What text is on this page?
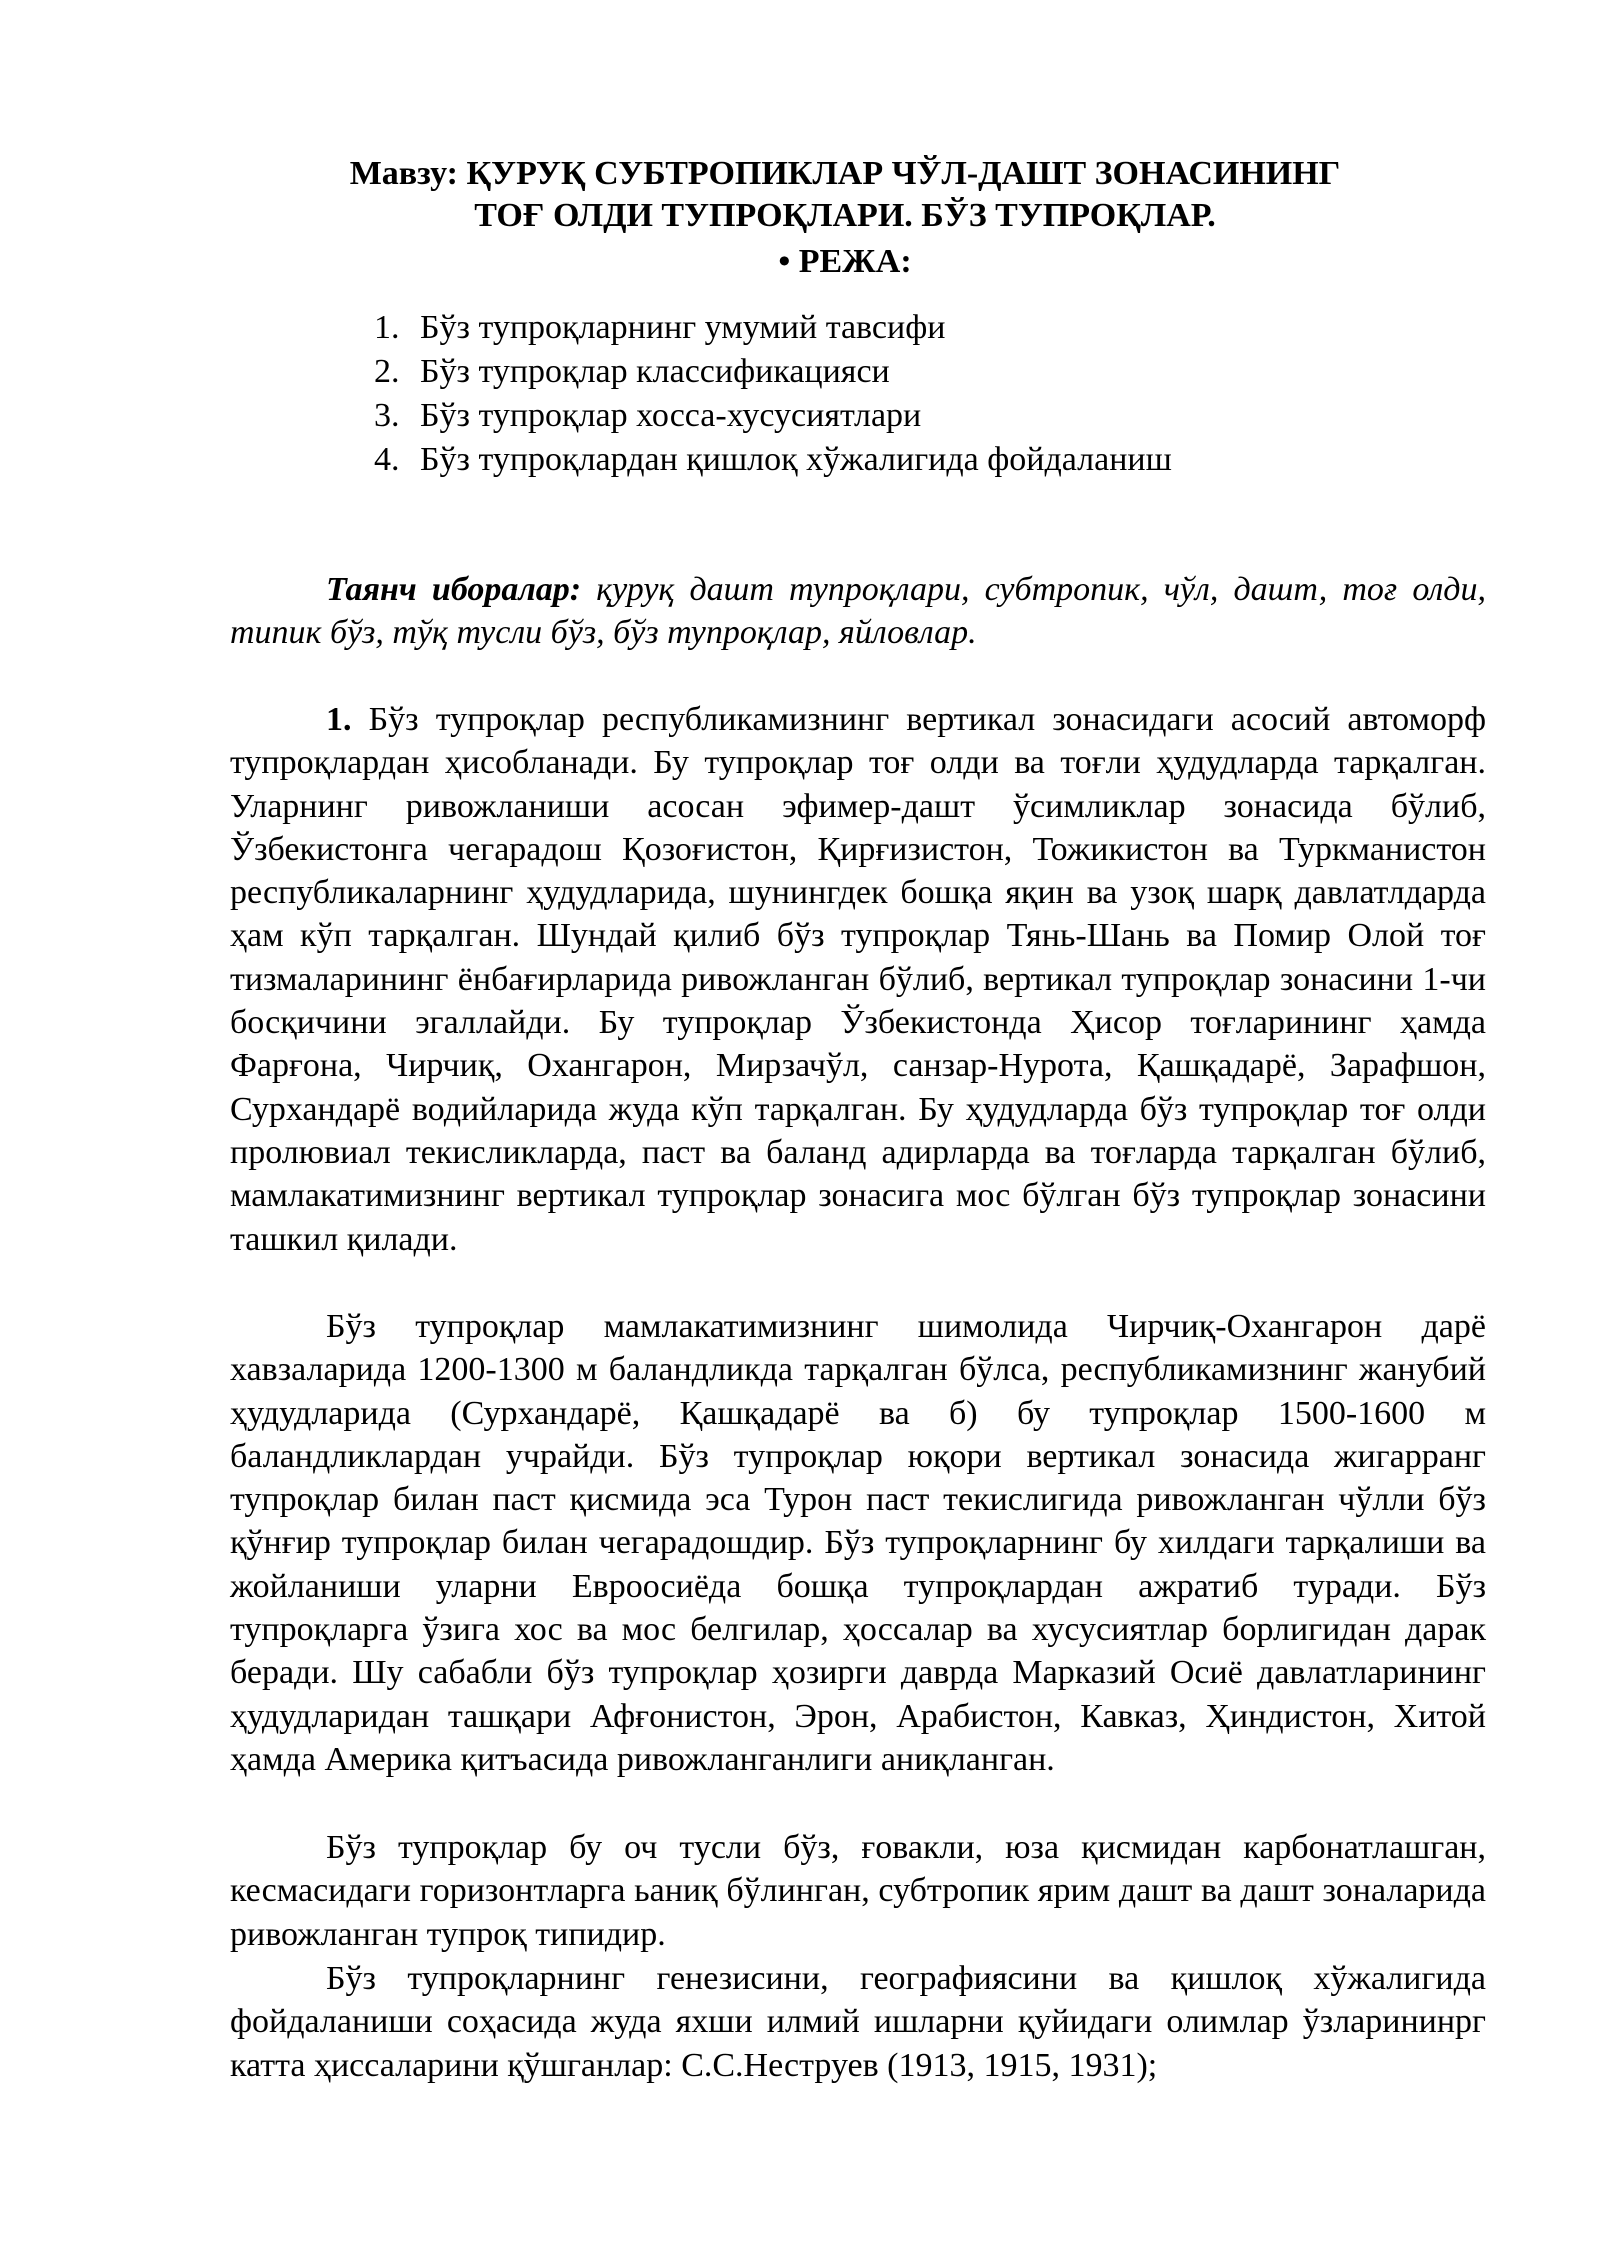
Мавзу: ҚУРУҚ СУБТРОПИКЛАР ЧЎЛ-ДАШТ ЗОНАСИНИНГ
ТОҒ ОЛДИ ТУПРОҚЛАРИ. БЎЗ ТУПРОҚЛАР.
• РЕЖА:
1. Бўз тупроқларнинг умумий тавсифи
2. Бўз тупроқлар классификацияси
3. Бўз тупроқлар хосса-хусусиятлари
4. Бўз тупроқлардан қишлоқ хўжалигида фойдаланиш

Таянч иборалар: қуруқ дашт тупроқлари, субтропик, чўл, дашт, тоғ олди, типик бўз, тўқ тусли бўз, бўз тупроқлар, яйловлар.

1. Бўз тупроқлар республикамизнинг вертикал зонасидаги асосий автоморф тупроқлардан ҳисобланади. Бу тупроқлар тоғ олди ва тоғли ҳудудларда тарқалган. Уларнинг ривожланиши асосан эфимер-дашт ўсимликлар зонасида бўлиб, Ўзбекистонга чегарадош Қозоғистон, Қирғизистон, Тожикистон ва Туркманистон республикаларнинг ҳудудларида, шунингдек бошқа яқин ва узоқ шарқ давлатлдарда ҳам кўп тарқалган. Шундай қилиб бўз тупроқлар Тянь-Шань ва Помир Олой тоғ тизмаларининг ёнбағирларида ривожланган бўлиб, вертикал тупроқлар зонасини 1-чи босқичини эгаллайди. Бу тупроқлар Ўзбекистонда Ҳисор тоғларининг ҳамда Фарғона, Чирчиқ, Охангарон, Мирзачўл, санзар-Нурота, Қашқадарё, Зарафшон, Сурхандарё водийларида жуда кўп тарқалган. Бу ҳудудларда бўз тупроқлар тоғ олди пролювиал текисликларда, паст ва баланд адирларда ва тоғларда тарқалган бўлиб, мамлакатимизнинг вертикал тупроқлар зонасига мос бўлган бўз тупроқлар зонасини ташкил қилади.

Бўз тупроқлар мамлакатимизнинг шимолида Чирчиқ-Охангарон дарё хавзаларида 1200-1300 м баландликда тарқалган бўлса, республикамизнинг жанубий ҳудудларида (Сурхандарё, Қашқадарё ва б) бу тупроқлар 1500-1600 м баландликлардан учрайди. Бўз тупроқлар юқори вертикал зонасида жигарранг тупроқлар билан паст қисмида эса Турон паст текислигида ривожланган чўлли бўз қўнғир тупроқлар билан чегарадошдир. Бўз тупроқларнинг бу хилдаги тарқалиши ва жойланиши уларни Евроосиёда бошқа тупроқлардан ажратиб туради. Бўз тупроқларга ўзига хос ва мос белгилар, ҳоссалар ва хусусиятлар борлигидан дарак беради. Шу сабабли бўз тупроқлар ҳозирги даврда Марказий Осиё давлатларининг ҳудудларидан ташқари Афғонистон, Эрон, Арабистон, Кавказ, Ҳиндистон, Хитой ҳамда Америка қитъасида ривожланганлиги аниқланган.

Бўз тупроқлар бу оч тусли бўз, ғовакли, юза қисмидан карбонатлашган, кесмасидаги горизонтларга ьаниқ бўлинган, субтропик ярим дашт ва дашт зоналарида ривожланган тупроқ типидир.

Бўз тупроқларнинг генезисини, географиясини ва қишлоқ хўжалигида фойдаланиши соҳасида жуда яхши илмий ишларни қуйидаги олимлар ўзларининрг катта ҳиссаларини қўшганлар: С.С.Неструев (1913, 1915, 1931);
